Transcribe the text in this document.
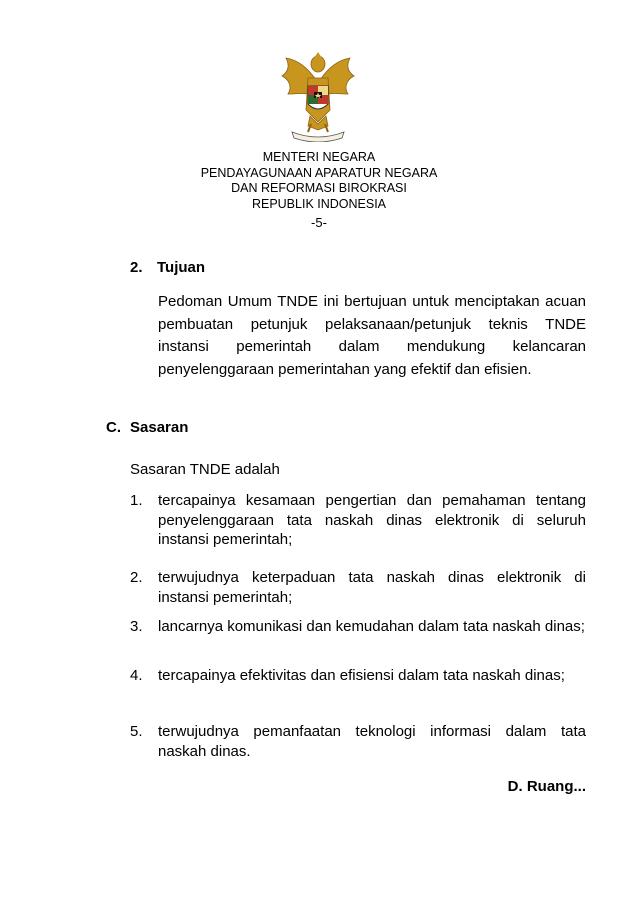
MENTERI NEGARA
PENDAYAGUNAAN APARATUR NEGARA
DAN REFORMASI BIROKRASI
REPUBLIK INDONESIA
-5-
2. Tujuan
Pedoman Umum TNDE ini bertujuan untuk menciptakan acuan pembuatan petunjuk pelaksanaan/petunjuk teknis TNDE instansi pemerintah dalam mendukung kelancaran penyelenggaraan pemerintahan yang efektif dan efisien.
C. Sasaran
Sasaran TNDE adalah
1. tercapainya kesamaan pengertian dan pemahaman tentang penyelenggaraan tata naskah dinas elektronik di seluruh instansi pemerintah;
2. terwujudnya keterpaduan tata naskah dinas elektronik di instansi pemerintah;
3. lancarnya komunikasi dan kemudahan dalam tata naskah dinas;
4. tercapainya efektivitas dan efisiensi dalam tata naskah dinas;
5. terwujudnya pemanfaatan teknologi informasi dalam tata naskah dinas.
D. Ruang...
